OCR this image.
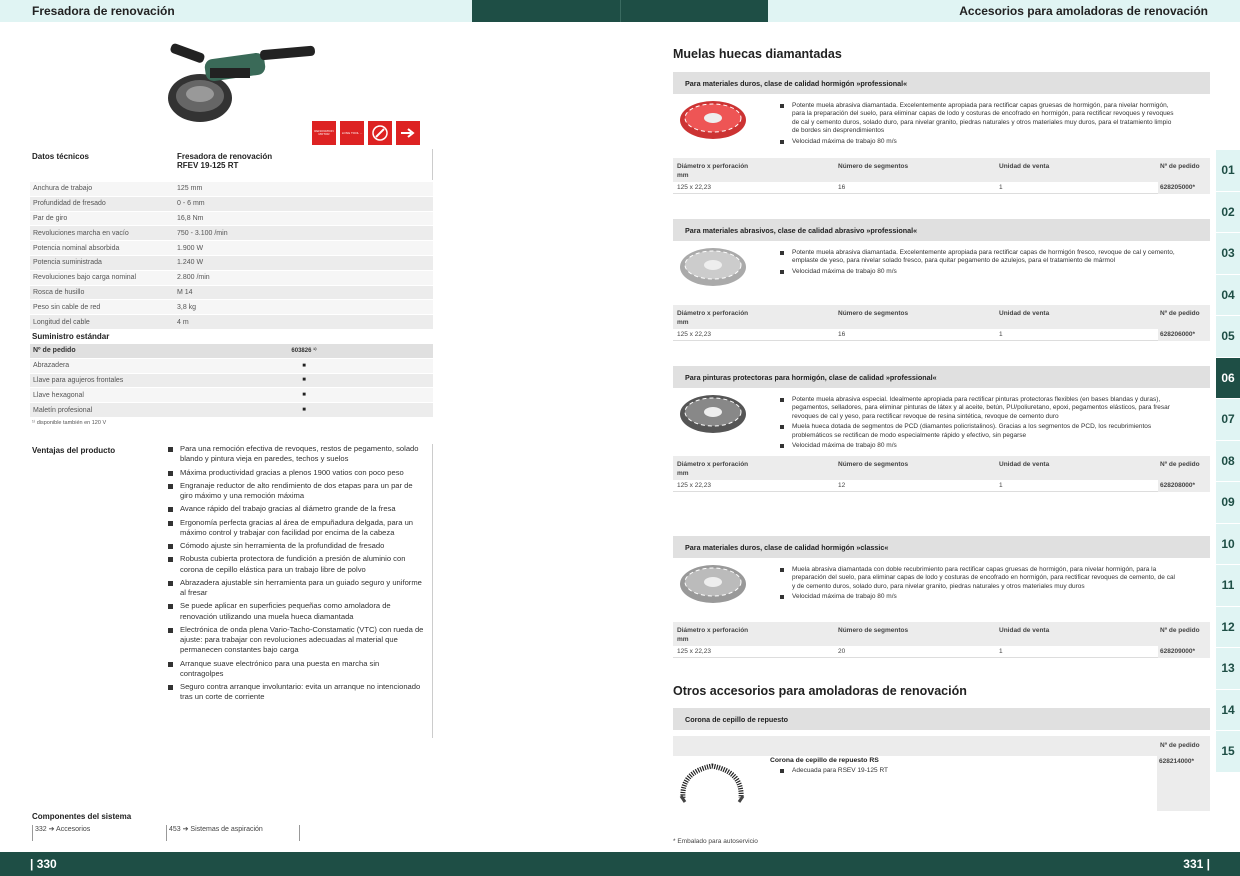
Fresadora de renovación	Accesorios para amoladoras de renovación
RENOVATION MOTOR	LONG TOOL ...
Datos técnicos	Fresadora de renovación
RFEV 19-125 RT
Anchura de trabajo	125 mm
Profundidad de fresado	0 - 6 mm
Par de giro	16,8 Nm
Revoluciones marcha en vacío	750 - 3.100 /min
Potencia nominal absorbida	1.900 W
Potencia suministrada	1.240 W
Revoluciones bajo carga nominal	2.800 /min
Rosca de husillo	M 14
Peso sin cable de red	3,8 kg
Longitud del cable	4 m
Suministro estándar
Nº de pedido	603826 ¹⁾
Abrazadera	■
Llave para agujeros frontales	■
Llave hexagonal	■
Maletín profesional	■
¹⁾ disponible también en 120 V
Ventajas del producto	Para una remoción efectiva de revoques, restos de pegamento, solado blando y pintura vieja en paredes, techos y suelos
Máxima productividad gracias a plenos 1900 vatios con poco peso
Engranaje reductor de alto rendimiento de dos etapas para un par de giro máximo y una remoción máxima
Avance rápido del trabajo gracias al diámetro grande de la fresa
Ergonomía perfecta gracias al área de empuñadura delgada, para un máximo control y trabajar con facilidad por encima de la cabeza
Cómodo ajuste sin herramienta de la profundidad de fresado
Robusta cubierta protectora de fundición a presión de aluminio con corona de cepillo elástica para un trabajo libre de polvo
Abrazadera ajustable sin herramienta para un guiado seguro y uniforme al fresar
Se puede aplicar en superficies pequeñas como amoladora de renovación utilizando una muela hueca diamantada
Electrónica de onda plena Vario-Tacho-Constamatic (VTC) con rueda de ajuste: para trabajar con revoluciones adecuadas al material que permanecen constantes bajo carga
Arranque suave electrónico para una puesta en marcha sin contragolpes
Seguro contra arranque involuntario: evita un arranque no intencionado tras un corte de corriente
Componentes del sistema
332 ➔ Accesorios	453 ➔ Sistemas de aspiración
Muelas huecas diamantadas
Para materiales duros, clase de calidad hormigón »professional«
Potente muela abrasiva diamantada. Excelentemente apropiada para rectificar capas gruesas de hormigón, para nivelar hormigón, para la preparación del suelo, para eliminar capas de lodo y costuras de encofrado en hormigón, para rectificar revoques y revoques de cal y cemento duros, solado duro, para nivelar granito, piedras naturales y otros materiales muy duros, para el tratamiento limpio de bordes sin desprendimientos
Velocidad máxima de trabajo 80 m/s
Diámetro x perforación
mm
Número de segmentos	Unidad de venta	Nº de pedido
125 x 22,23	16	1	628205000*
Para materiales abrasivos, clase de calidad abrasivo »professional«
Potente muela abrasiva diamantada. Excelentemente apropiada para rectificar capas de hormigón fresco, revoque de cal y cemento, emplaste de yeso, para nivelar solado fresco, para quitar pegamento de azulejos, para el tratamiento de mármol
Velocidad máxima de trabajo 80 m/s
Diámetro x perforación
mm
Número de segmentos	Unidad de venta	Nº de pedido
125 x 22,23	16	1	628206000*
Para pinturas protectoras para hormigón, clase de calidad »professional«
Potente muela abrasiva especial. Idealmente apropiada para rectificar pinturas protectoras flexibles (en bases blandas y duras), pegamentos, selladores, para eliminar pinturas de látex y al aceite, betún, PU/poliuretano, epoxi, pegamentos elásticos, para fresar revoques de cal y yeso, para rectificar revoque de resina sintética, revoque de cemento duro
Muela hueca dotada de segmentos de PCD (diamantes policristalinos). Gracias a los segmentos de PCD, los recubrimientos problemáticos se rectifican de modo especialmente rápido y efectivo, sin pegarse
Velocidad máxima de trabajo 80 m/s
Diámetro x perforación
mm
Número de segmentos	Unidad de venta	Nº de pedido
125 x 22,23	12	1	628208000*
Para materiales duros, clase de calidad hormigón »classic«
Muela abrasiva diamantada con doble recubrimiento para rectificar capas gruesas de hormigón, para nivelar hormigón, para la preparación del suelo, para eliminar capas de lodo y costuras de encofrado en hormigón, para rectificar revoques de cemento, de cal y de cemento duros, solado duro, para nivelar granito, piedras naturales y otros materiales muy duros
Velocidad máxima de trabajo 80 m/s
Diámetro x perforación
mm
Número de segmentos	Unidad de venta	Nº de pedido
125 x 22,23	20	1	628209000*
Otros accesorios para amoladoras de renovación
Corona de cepillo de repuesto
Nº de pedido
Corona de cepillo de repuesto RS
Adecuada para RSEV 19-125 RT
628214000*
* Embalado para autoservicio
01
02
03
04
05
06
07
08
09
10
11
12
13
14
15
| 330	331 |
